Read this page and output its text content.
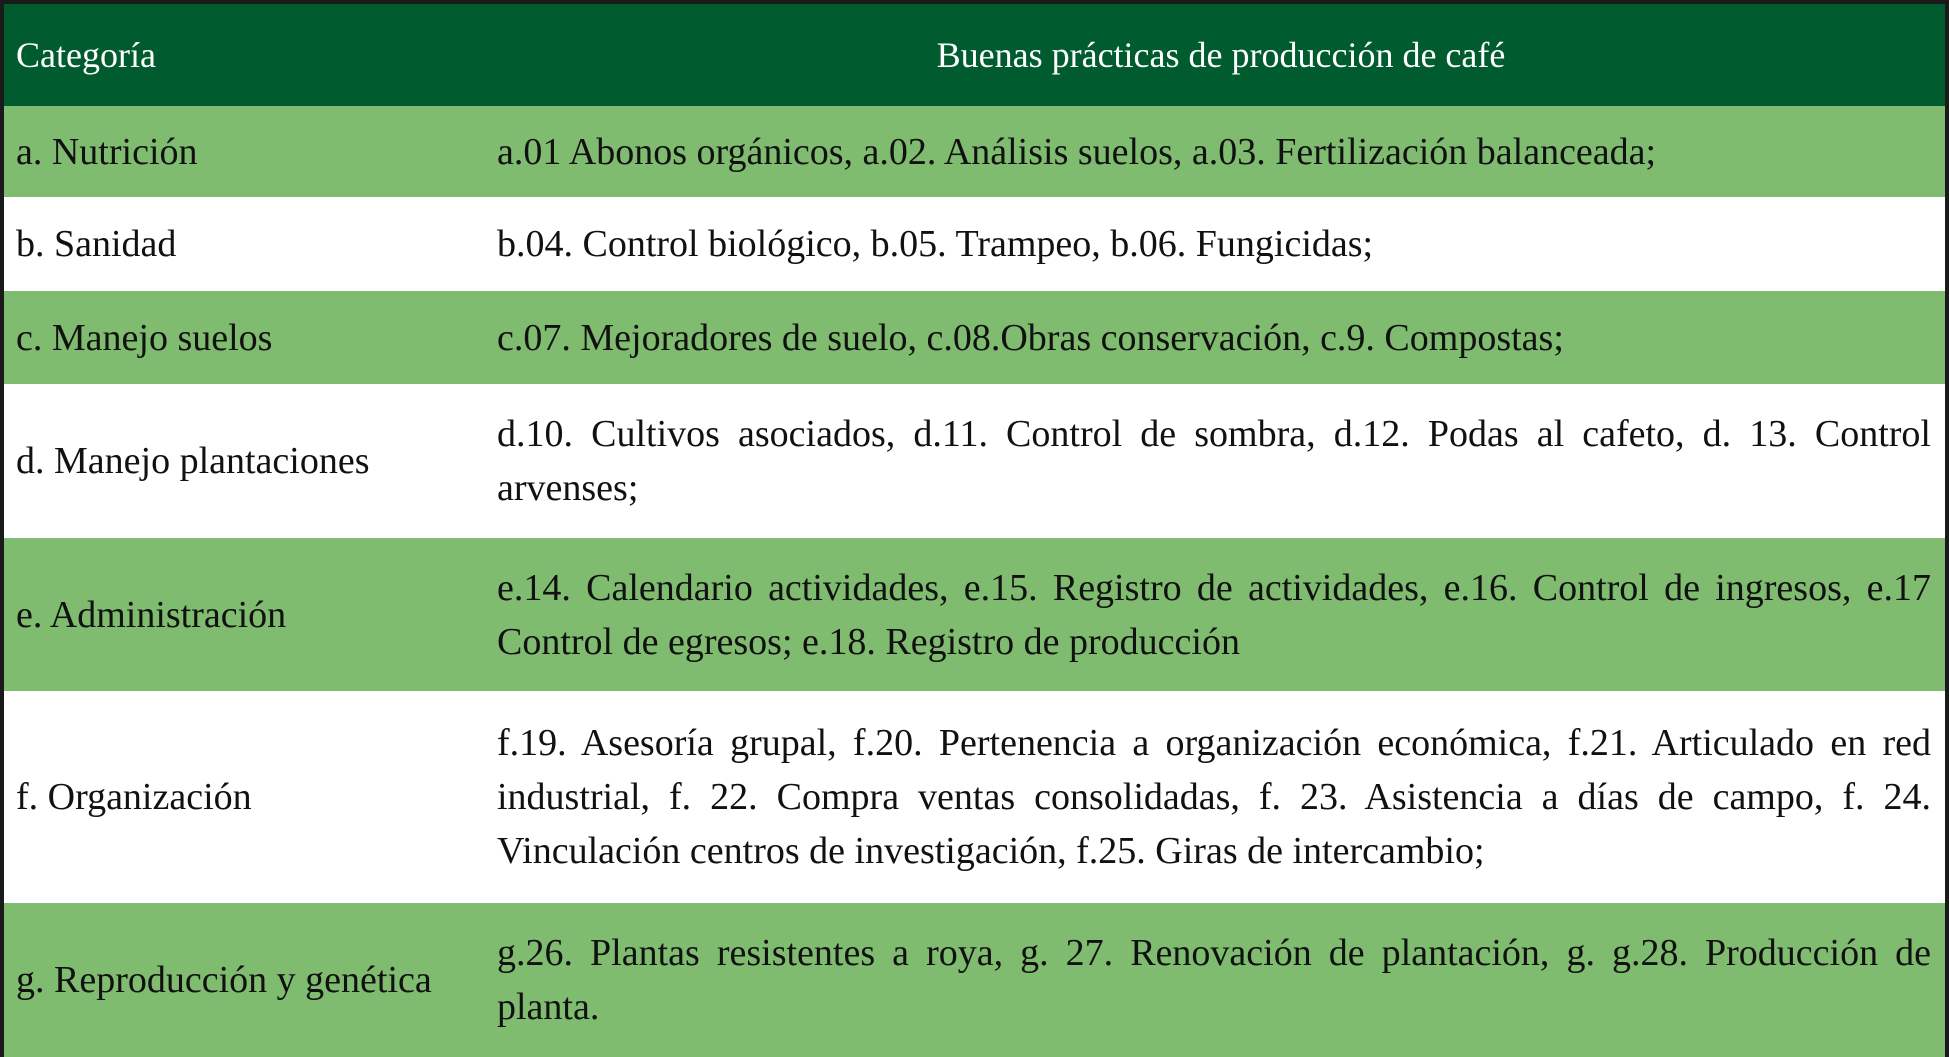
Categoría	Buenas prácticas de producción de café
a. Nutrición	a.01 Abonos orgánicos, a.02. Análisis suelos, a.03. Fertilización balanceada;
b. Sanidad	b.04. Control biológico, b.05. Trampeo, b.06. Fungicidas;
c. Manejo suelos	c.07. Mejoradores de suelo, c.08.Obras conservación, c.9. Compostas;
d. Manejo plantaciones	d.10. Cultivos asociados, d.11. Control de sombra, d.12. Podas al cafeto, d. 13. Control arvenses;
e. Administración	e.14. Calendario actividades, e.15. Registro de actividades, e.16. Control de ingresos, e.17 Control de egresos; e.18. Registro de producción
f. Organización	f.19. Asesoría grupal, f.20. Pertenencia a organización económica, f.21. Articulado en red industrial, f. 22. Compra ventas consolidadas, f. 23. Asistencia a días de campo, f. 24. Vinculación centros de investigación, f.25. Giras de intercambio;
g. Reproducción y genética	g.26. Plantas resistentes a roya, g. 27. Renovación de plantación, g. g.28. Producción de planta.
